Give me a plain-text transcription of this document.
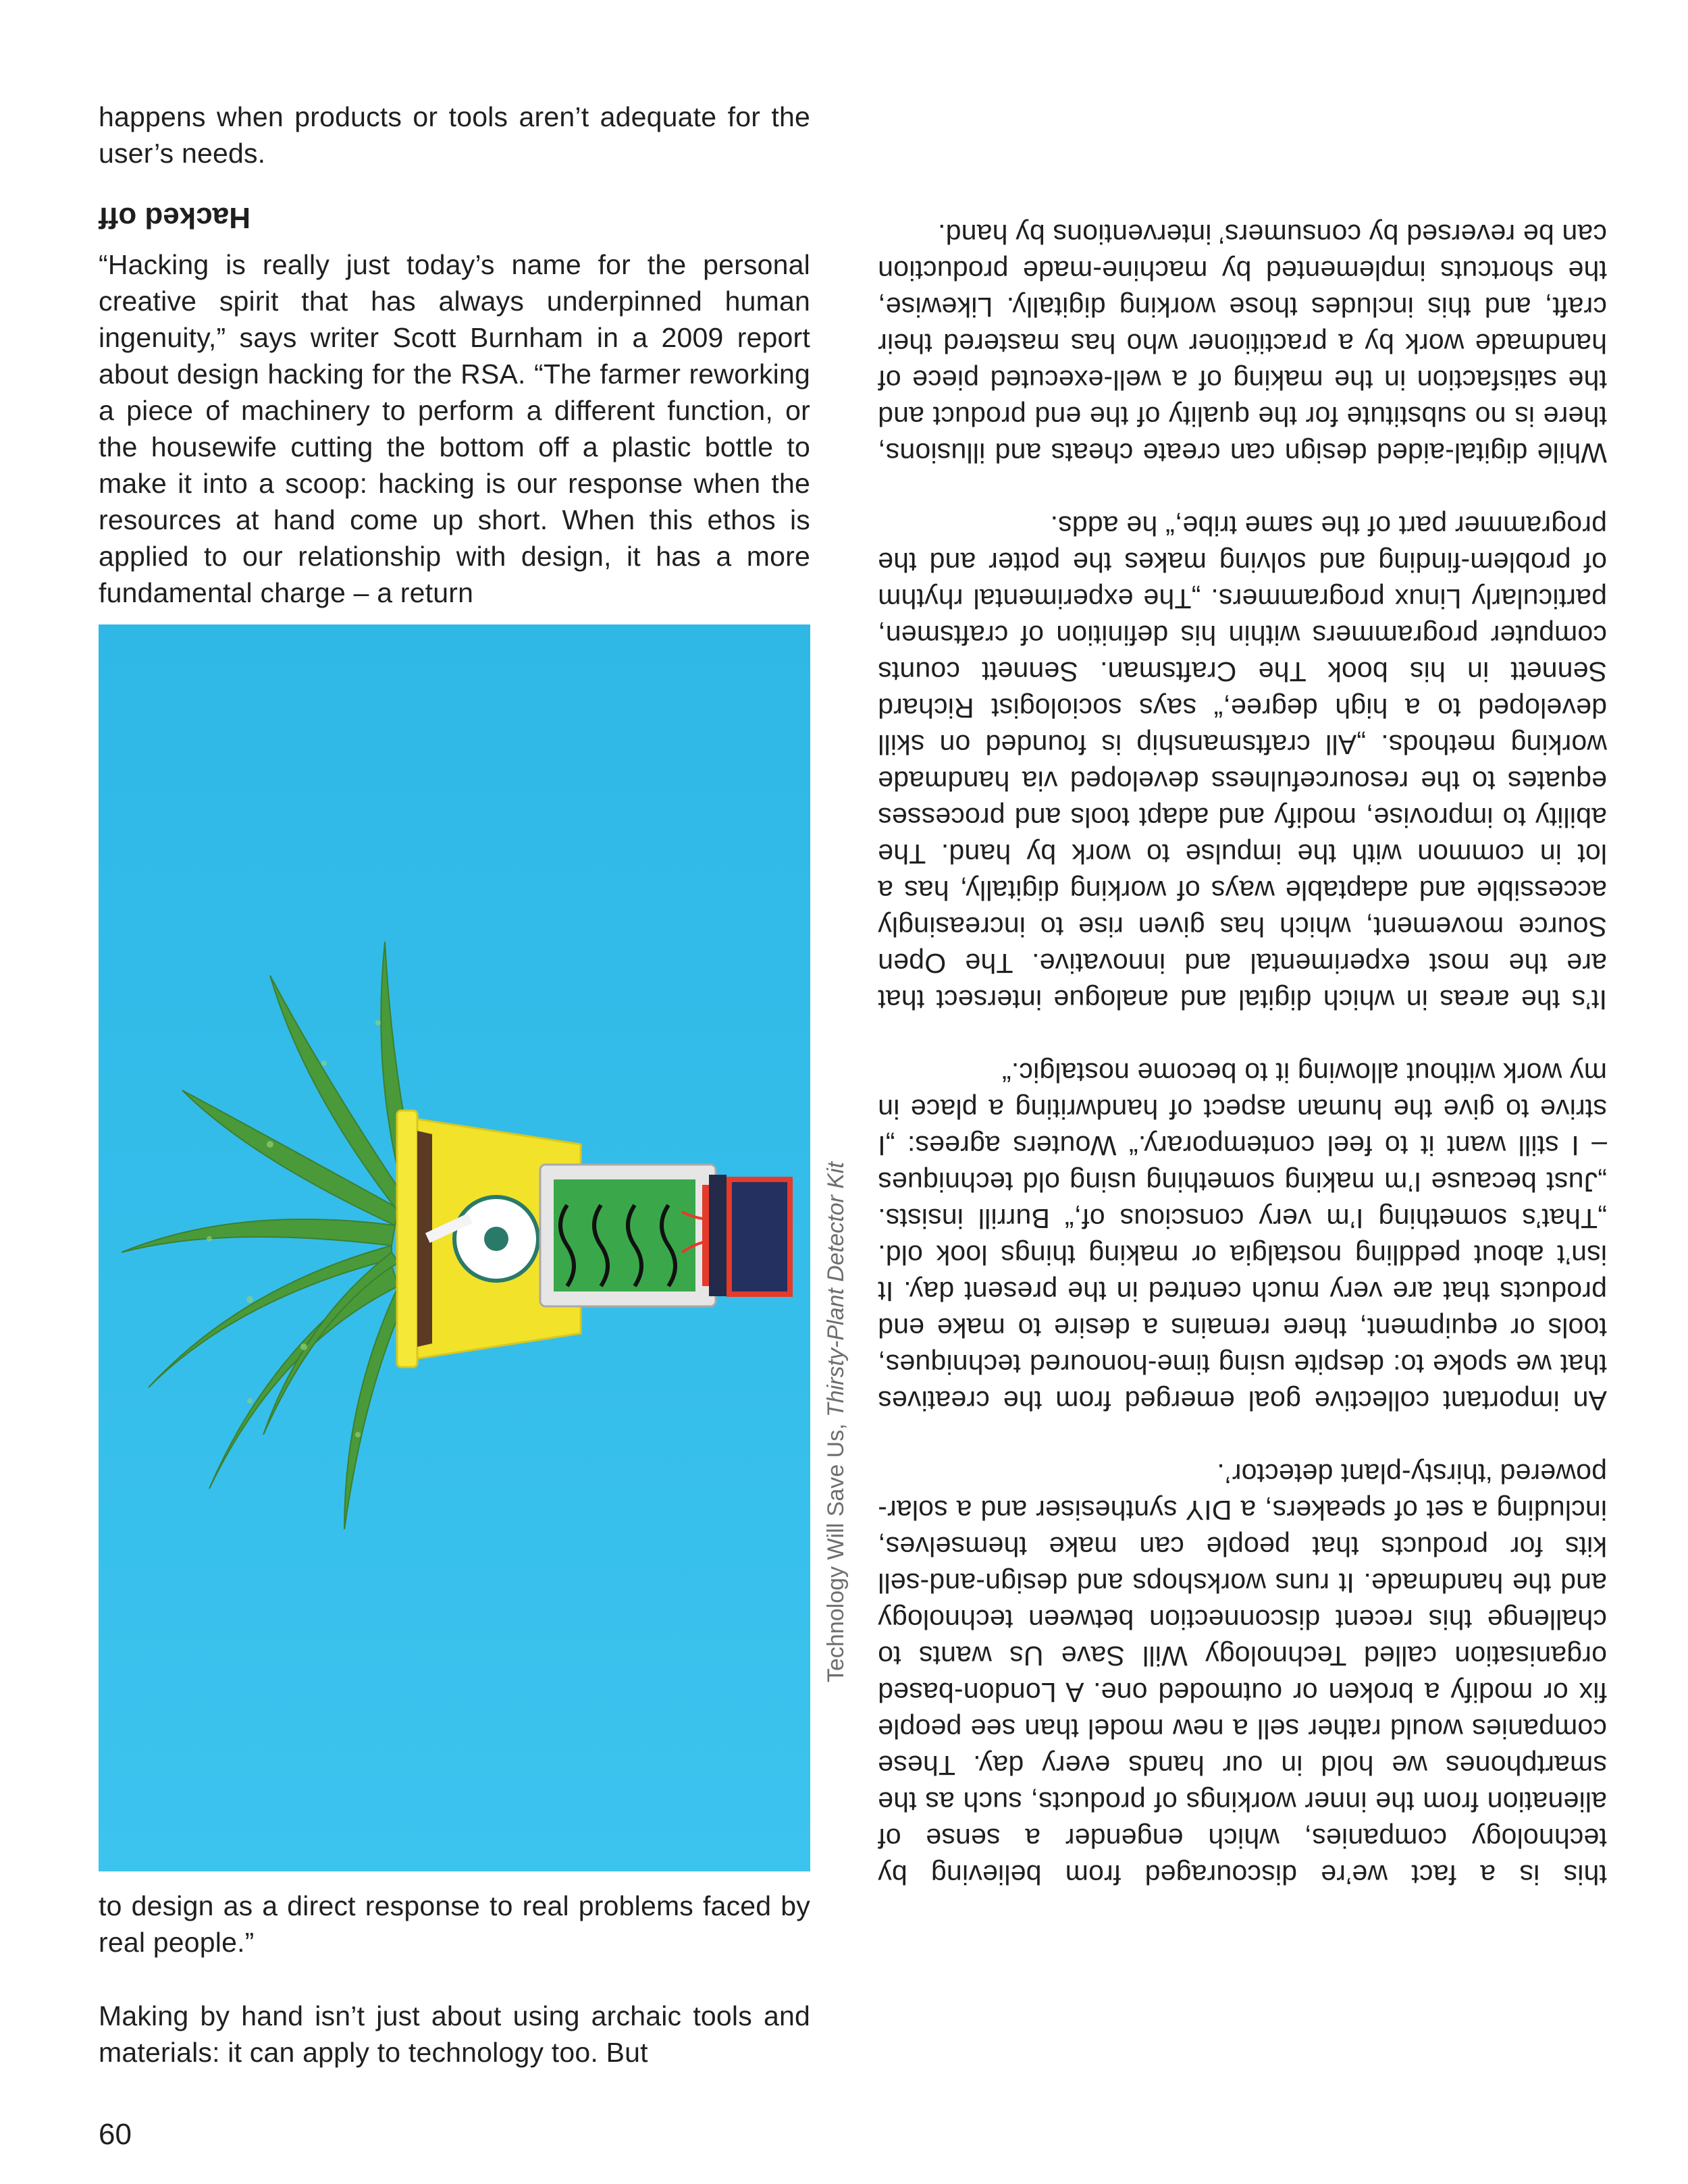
happens when products or tools aren’t adequate for the user’s needs.

Hacked off

“Hacking is really just today’s name for the personal creative spirit that has always underpinned human ingenuity,” says writer Scott Burnham in a 2009 report about design hacking for the RSA. “The farmer reworking a piece of machinery to perform a different function, or the housewife cutting the bottom off a plastic bottle to make it into a scoop: hacking is our response when the resources at hand come up short. When this ethos is applied to our relationship with design, it has a more fundamental charge – a return

to design as a direct response to real problems faced by real people.”

Making by hand isn’t just about using archaic tools and materials: it can apply to technology too. But

60
Technology Will Save Us, Thirsty-Plant Detector Kit

this is a fact we’re discouraged from believing by technology companies, which engender a sense of alienation from the inner workings of products, such as the smartphones we hold in our hands every day. These companies would rather sell a new model than see people fix or modify a broken or outmoded one. A London-based organisation called Technology Will Save Us wants to challenge this recent disconnection between technology and the handmade. It runs workshops and design-and-sell kits for products that people can make themselves, including a set of speakers, a DIY synthesiser and a solar-powered ‘thirsty-plant detector’.

An important collective goal emerged from the creatives that we spoke to: despite using time-honoured techniques, tools or equipment, there remains a desire to make end products that are very much centred in the present day. It isn’t about peddling nostalgia or making things look old. „That’s something I’m very conscious of,“ Burrill insists. „Just because I’m making something using old techniques – I still want it to feel contemporary.“ Wouters agrees: „I strive to give the human aspect of handwriting a place in my work without allowing it to become nostalgic.“

It’s the areas in which digital and analogue intersect that are the most experimental and innovative. The Open Source movement, which has given rise to increasingly accessible and adaptable ways of working digitally, has a lot in common with the impulse to work by hand. The ability to improvise, modify and adapt tools and processes equates to the resourcefulness developed via handmade working methods. „All craftsmanship is founded on skill developed to a high degree,“ says sociologist Richard Sennett in his book The Craftsman. Sennett counts computer programmers within his definition of craftsmen, particularly Linux programmers. „The experimental rhythm of problem-finding and solving makes the potter and the programmer part of the same tribe,“ he adds.

While digital-aided design can create cheats and illusions, there is no substitute for the quality of the end product and the satisfaction in the making of a well-executed piece of handmade work by a practitioner who has mastered their craft, and this includes those working digitally. Likewise, the shortcuts implemented by machine-made production can be reversed by consumers’ interventions by hand.
